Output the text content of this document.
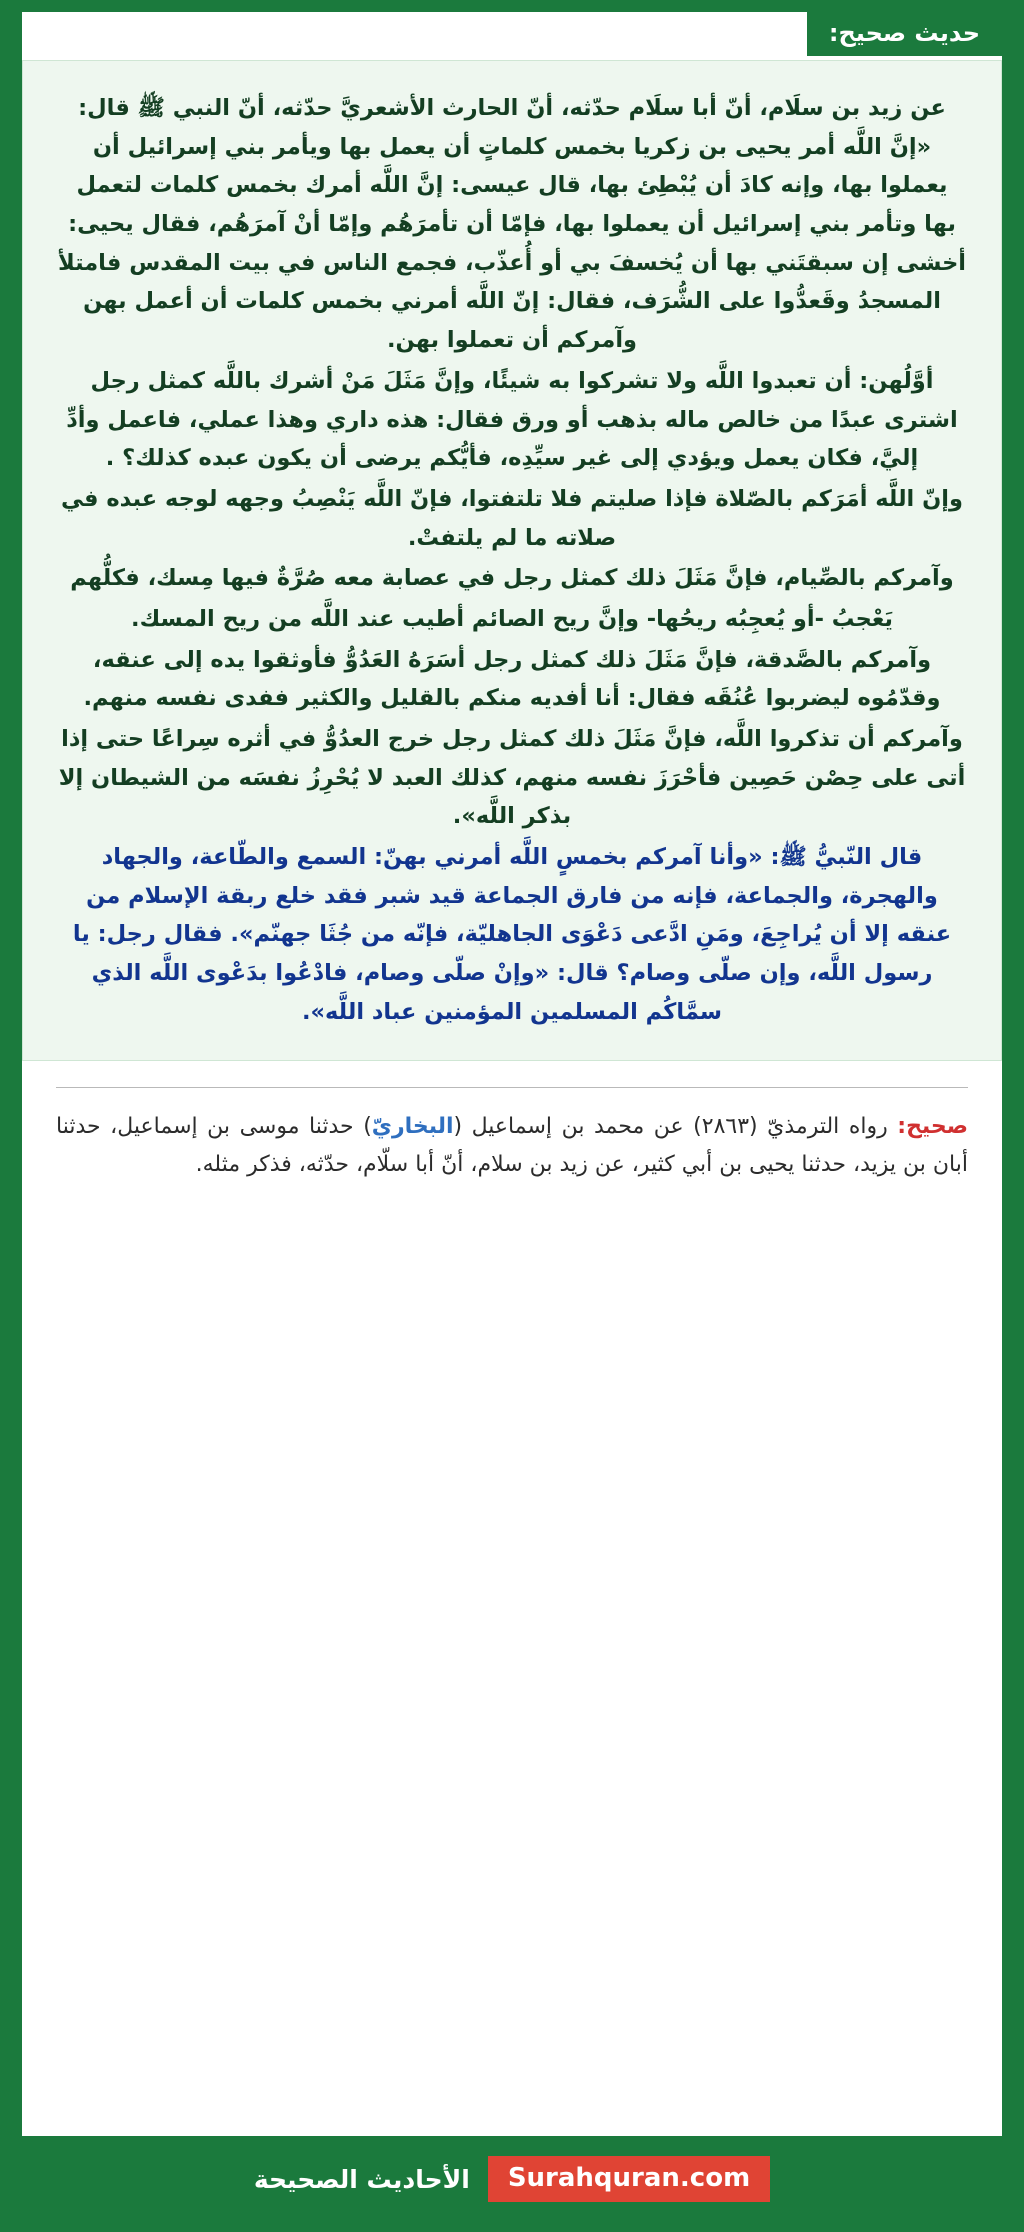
حديث صحيح:

عن زيد بن سلَام، أنّ أبا سلَام حدّثه، أنّ الحارث الأشعريَّ حدّثه، أنّ النبي ﷺ قال: «إنَّ اللَّه أمر يحيى بن زكريا بخمس كلماتٍ أن يعمل بها ويأمر بني إسرائيل أن يعملوا بها، وإنه كادَ أن يُبْطِئ بها، قال عيسى: إنَّ اللَّه أمرك بخمس كلمات لتعمل بها وتأمر بني إسرائيل أن يعملوا بها، فإمّا أن تأمرَهُم وإمّا أنْ آمرَهُم، فقال يحيى: أخشى إن سبقتَني بها أن يُخسفَ بي أو أُعذّب، فجمع الناس في بيت المقدس فامتلأ المسجدُ وقَعدُّوا على الشُّرَف، فقال: إنّ اللَّه أمرني بخمس كلمات أن أعمل بهن وآمركم أن تعملوا بهن.

أوَّلُهن: أن تعبدوا اللَّه ولا تشركوا به شيئًا، وإنَّ مَثَلَ مَنْ أشرك باللَّه كمثل رجل اشترى عبدًا من خالص ماله بذهب أو ورق فقال: هذه داري وهذا عملي، فاعمل وأدِّ إليَّ، فكان يعمل ويؤدي إلى غير سيِّدِه، فأيُّكم يرضى أن يكون عبده كذلك؟ .

وإنّ اللَّه أمَرَكم بالصّلاة فإذا صليتم فلا تلتفتوا، فإنّ اللَّه يَنْصِبُ وجهه لوجه عبده في صلاته ما لم يلتفتْ.

وآمركم بالصِّيام، فإنَّ مَثَلَ ذلك كمثل رجل في عصابة معه صُرَّةٌ فيها مِسك، فكلُّهم

يَعْجبُ -أو يُعجِبُه ريحُها- وإنَّ ريح الصائم أطيب عند اللَّه من ريح المسك.

وآمركم بالصَّدقة، فإنَّ مَثَلَ ذلك كمثل رجل أسَرَهُ العَدُوُّ فأوثقوا يده إلى عنقه، وقدّمُوه ليضربوا عُنُقَه فقال: أنا أفديه منكم بالقليل والكثير ففدى نفسه منهم.

وآمركم أن تذكروا اللَّه، فإنَّ مَثَلَ ذلك كمثل رجل خرج العدُوُّ في أثره سِراعًا حتى إذا أتى على حِصْن حَصِين فأحْرَزَ نفسه منهم، كذلك العبد لا يُحْرِزُ نفسَه من الشيطان إلا بذكر اللَّه».

قال النّبيُّ ﷺ: «وأنا آمركم بخمسٍ اللَّه أمرني بهنّ: السمع والطّاعة، والجهاد والهجرة، والجماعة، فإنه من فارق الجماعة قيد شبر فقد خلع ربقة الإسلام من عنقه إلا أن يُراجِعَ، ومَنِ ادَّعى دَعْوَى الجاهليّة، فإنّه من جُثَا جهنّم». فقال رجل: يا رسول اللَّه، وإن صلّى وصام؟ قال: «وإنْ صلّى وصام، فادْعُوا بدَعْوى اللَّه الذي سمَّاكُم المسلمين المؤمنين عباد اللَّه».

صحيح: رواه الترمذيّ (٢٨٦٣) عن محمد بن إسماعيل (البخاريّ) حدثنا موسى بن إسماعيل، حدثنا أبان بن يزيد، حدثنا يحيى بن أبي كثير، عن زيد بن سلام، أنّ أبا سلّام، حدّثه، فذكر مثله.
Surahquran.com
الأحاديث الصحيحة
